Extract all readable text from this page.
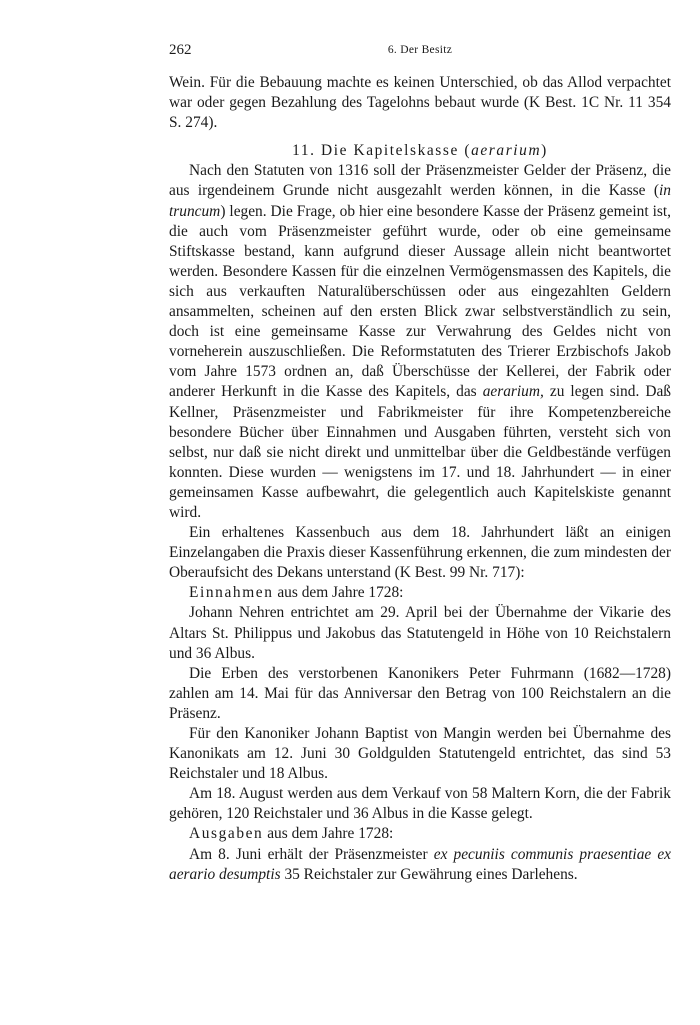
262	6. Der Besitz

Wein. Für die Bebauung machte es keinen Unterschied, ob das Allod verpachtet war oder gegen Bezahlung des Tagelohns bebaut wurde (K Best. 1C Nr. 11 354 S. 274).

11. Die Kapitelskasse (aerarium)

Nach den Statuten von 1316 soll der Präsenzmeister Gelder der Präsenz, die aus irgendeinem Grunde nicht ausgezahlt werden können, in die Kasse (in truncum) legen. Die Frage, ob hier eine besondere Kasse der Präsenz gemeint ist, die auch vom Präsenzmeister geführt wurde, oder ob eine gemeinsame Stiftskasse bestand, kann aufgrund dieser Aussage allein nicht beantwortet werden. Besondere Kassen für die einzelnen Vermögensmassen des Kapitels, die sich aus verkauften Naturalüberschüssen oder aus eingezahlten Geldern ansammelten, scheinen auf den ersten Blick zwar selbstverständlich zu sein, doch ist eine gemeinsame Kasse zur Verwahrung des Geldes nicht von vorneherein auszuschließen. Die Reformstatuten des Trierer Erzbischofs Jakob vom Jahre 1573 ordnen an, daß Überschüsse der Kellerei, der Fabrik oder anderer Herkunft in die Kasse des Kapitels, das aerarium, zu legen sind. Daß Kellner, Präsenzmeister und Fabrikmeister für ihre Kompetenzbereiche besondere Bücher über Einnahmen und Ausgaben führten, versteht sich von selbst, nur daß sie nicht direkt und unmittelbar über die Geldbestände verfügen konnten. Diese wurden — wenigstens im 17. und 18. Jahrhundert — in einer gemeinsamen Kasse aufbewahrt, die gelegentlich auch Kapitelskiste genannt wird.

Ein erhaltenes Kassenbuch aus dem 18. Jahrhundert läßt an einigen Einzelangaben die Praxis dieser Kassenführung erkennen, die zum mindesten der Oberaufsicht des Dekans unterstand (K Best. 99 Nr. 717):

Einnahmen aus dem Jahre 1728:

Johann Nehren entrichtet am 29. April bei der Übernahme der Vikarie des Altars St. Philippus und Jakobus das Statutengeld in Höhe von 10 Reichstalern und 36 Albus.

Die Erben des verstorbenen Kanonikers Peter Fuhrmann (1682—1728) zahlen am 14. Mai für das Anniversar den Betrag von 100 Reichstalern an die Präsenz.

Für den Kanoniker Johann Baptist von Mangin werden bei Übernahme des Kanonikats am 12. Juni 30 Goldgulden Statutengeld entrichtet, das sind 53 Reichstaler und 18 Albus.

Am 18. August werden aus dem Verkauf von 58 Maltern Korn, die der Fabrik gehören, 120 Reichstaler und 36 Albus in die Kasse gelegt.

Ausgaben aus dem Jahre 1728:

Am 8. Juni erhält der Präsenzmeister ex pecuniis communis praesentiae ex aerario desumptis 35 Reichstaler zur Gewährung eines Darlehens.
